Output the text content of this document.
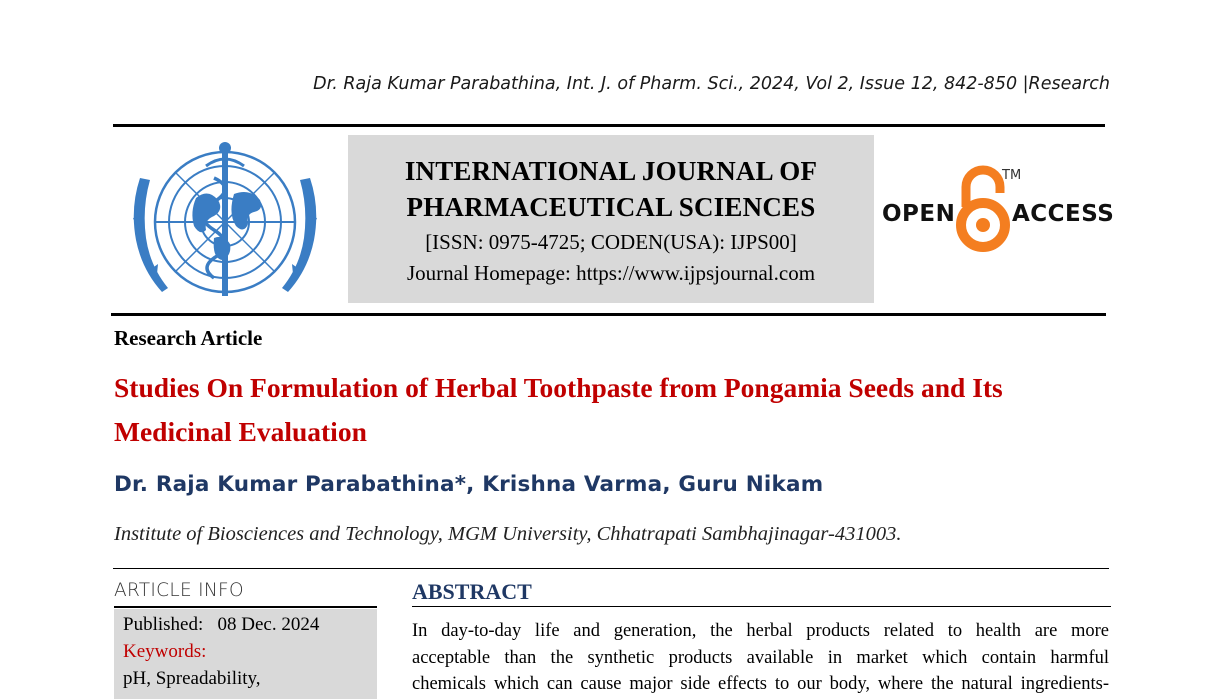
Dr. Raja Kumar Parabathina, Int. J. of Pharm. Sci., 2024, Vol 2, Issue 12, 842-850 |Research
INTERNATIONAL JOURNAL OF
PHARMACEUTICAL SCIENCES
[ISSN: 0975-4725; CODEN(USA): IJPS00]
Journal Homepage: https://www.ijpsjournal.com
OPEN
TM
ACCESS
Research Article
Studies On Formulation of Herbal Toothpaste from Pongamia Seeds and Its Medicinal Evaluation
Dr. Raja Kumar Parabathina*, Krishna Varma, Guru Nikam
Institute of Biosciences and Technology, MGM University, Chhatrapati Sambhajinagar-431003.
ARTICLE INFO
Published: 08 Dec. 2024
Keywords:
pH, Spreadability,
ABSTRACT
In day-to-day life and generation, the herbal products related to health are more
acceptable than the synthetic products available in market which contain harmful
chemicals which can cause major side effects to our body, where the natural ingredients-
